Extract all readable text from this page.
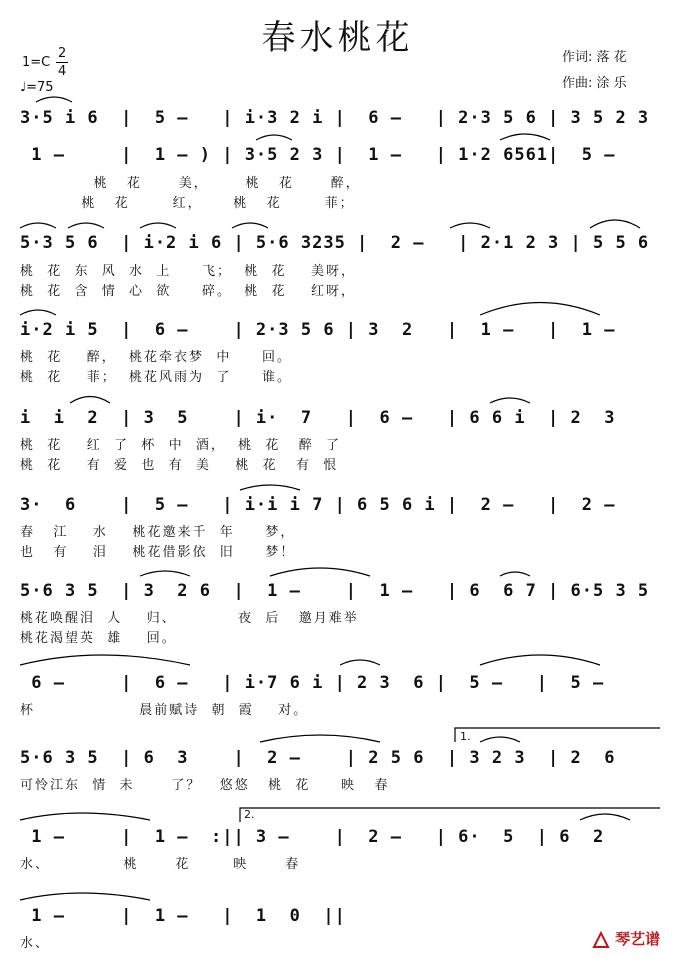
春水桃花
1=C
2
4
♩=75
作词: 落 花
作曲: 涂 乐
3·5 i 6  |  5 –   | i·3 2 i |  6 –   | 2·3 5 6 | 3 5 2 3
1 –     |  1 – ) | 3·5 2 3 |  1 –   | 1·2 6561|  5 –
桃   花      美，      桃   花      醉，
桃   花       红，     桃   花       菲；
5·3 5 6  | i·2 i 6 | 5·6 3235 |  2 –   | 2·1 2 3 | 5 5 6
桃  花  东  风  水  上     飞；  桃  花    美呀，
桃  花  含  情  心  欲     碎。  桃  花    红呀，
i·2 i 5  |  6 –    | 2·3 5 6 | 3  2   |  1 –   |  1 –
桃  花    醉，  桃花牵衣梦  中     回。
桃  花    菲；  桃花风雨为  了     谁。
i  i  2  | 3  5    | i·  7   |  6 –   | 6 6 i  | 2  3
桃  花    红  了  杯  中  酒，  桃  花   醉  了
桃  花    有  爱  也  有  美    桃  花   有  恨
3·  6    |  5 –   | i·i i 7 | 6 5 6 i |  2 –   |  2 –
春   江    水    桃花邀来千  年     梦，
也   有    泪    桃花借影依  旧     梦！
5·6 3 5  | 3  2 6  |  1 –    |  1 –   | 6  6 7 | 6·5 3 5
桃花唤醒泪  人    归、          夜  后   邀月难举
桃花渴望英  雄    回。
6 –     |  6 –   | i·7 6 i | 2 3  6 |  5 –   |  5 –
杯                 晨前赋诗  朝  霞    对。
5·6 3 5  | 6  3    |  2 –    | 2 5 6  | 3 2 3  | 2  6
可怜江东  情  未      了？   悠悠   桃  花     映   春
1.
1 –     |  1 –  :|| 3 –    |  2 –   | 6·  5  | 6  2
水、            桃      花       映      春
2.
1 –     |  1 –   |  1  0  ||
水、	琴艺谱
